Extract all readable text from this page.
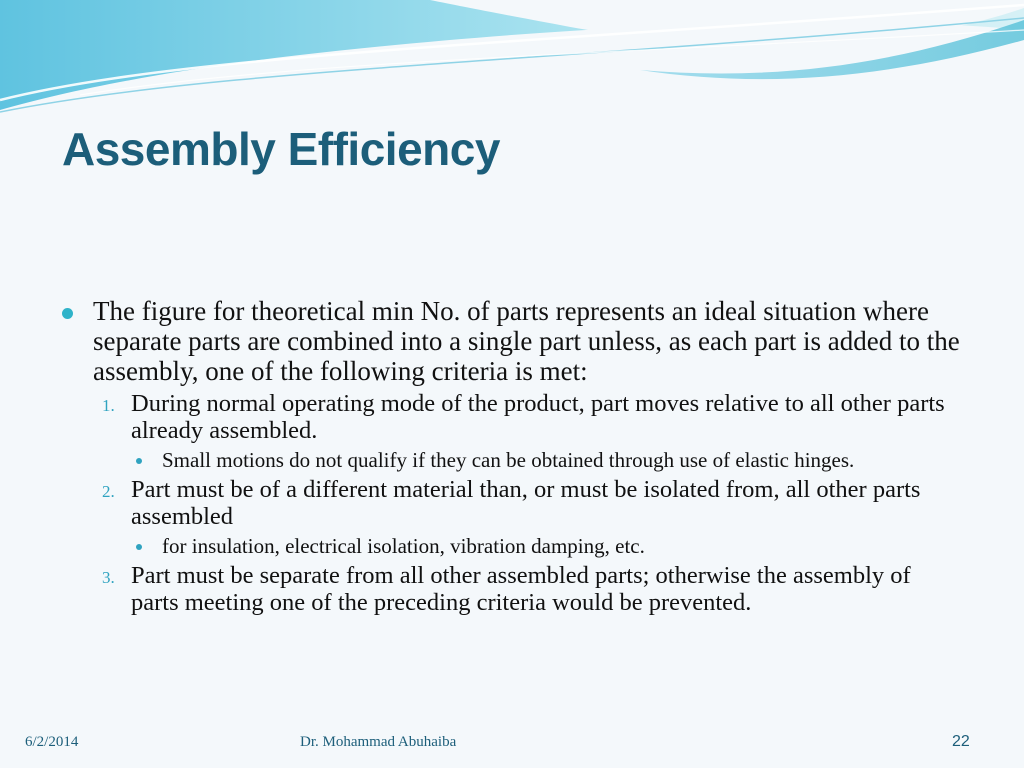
Assembly Efficiency
The figure for theoretical min No. of parts represents an ideal situation where separate parts are combined into a single part unless, as each part is added to the assembly, one of the following criteria is met:
1. During normal operating mode of the product, part moves relative to all other parts already assembled.
Small motions do not qualify if they can be obtained through use of elastic hinges.
2. Part must be of a different material than, or must be isolated from, all other parts assembled
for insulation, electrical isolation, vibration damping, etc.
3. Part must be separate from all other assembled parts; otherwise the assembly of parts meeting one of the preceding criteria would be prevented.
6/2/2014	Dr. Mohammad Abuhaiba	22
